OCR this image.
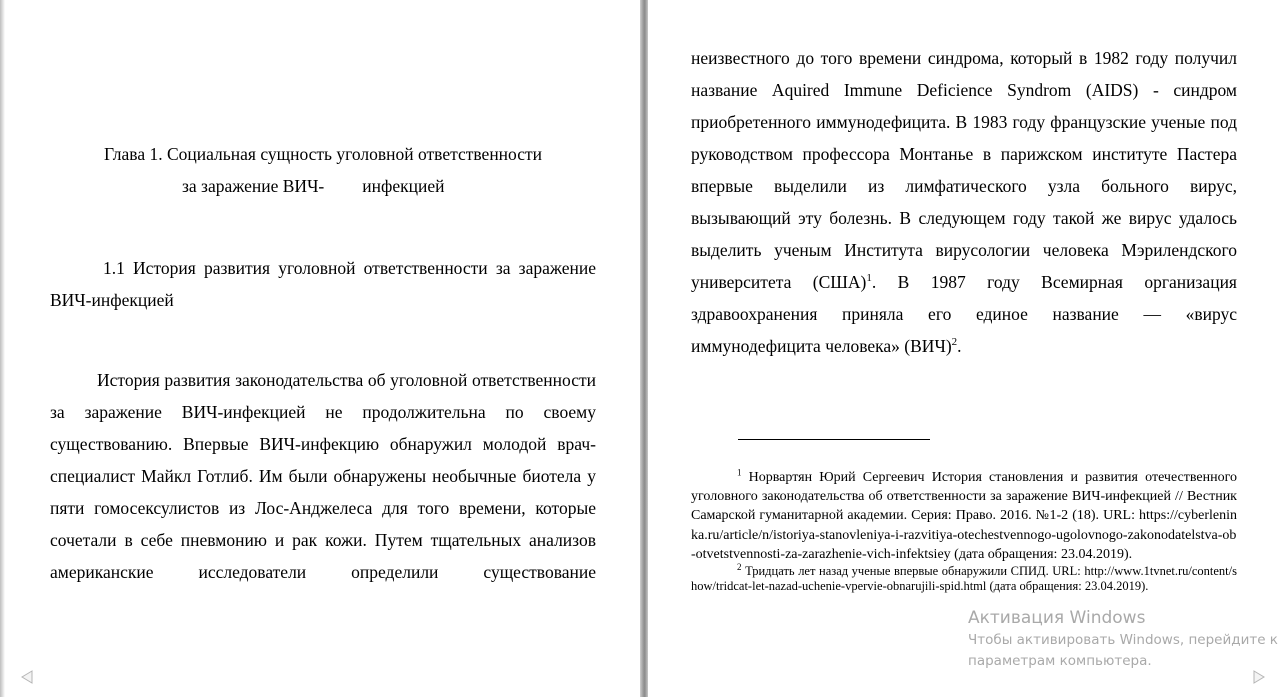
Глава 1. Социальная сущность уголовной ответственности
за заражение ВИЧ- инфекцией

1.1 История развития уголовной ответственности за заражение ВИЧ-инфекцией

История развития законодательства об уголовной ответственности за заражение ВИЧ-инфекцией не продолжительна по своему существованию. Впервые ВИЧ-инфекцию обнаружил молодой врач-специалист Майкл Готлиб. Им были обнаружены необычные биотела у пяти гомосексулистов из Лос-Анджелеса для того времени, которые сочетали в себе пневмонию и рак кожи. Путем тщательных анализов американские исследователи определили существование

неизвестного до того времени синдрома, который в 1982 году получил название Aquired Immune Deficience Syndrom (AIDS) - синдром приобретенного иммунодефицита. В 1983 году французские ученые под руководством профессора Монтанье в парижском институте Пастера впервые выделили из лимфатического узла больного вирус, вызывающий эту болезнь. В следующем году такой же вирус удалось выделить ученым Института вирусологии человека Мэрилендского университета (США)$^1$. В 1987 году Всемирная организация здравоохранения приняла его единое название — «вирус иммунодефицита человека» (ВИЧ)$^2$.

$^1$ Норвартян Юрий Сергеевич История становления и развития отечественного уголовного законодательства об ответственности за заражение ВИЧ-инфекцией // Вестник Самарской гуманитарной академии. Серия: Право. 2016. №1-2 (18). URL: https://cyberleninka.ru/article/n/istoriya-stanovleniya-i-razvitiya-otechestvennogo-ugolovnogo-zakonodatelstva-ob-otvetstvennosti-za-zarazhenie-vich-infektsiey (дата обращения: 23.04.2019).

$^2$ Тридцать лет назад ученые впервые обнаружили СПИД. URL: http://www.1tvnet.ru/content/show/tridcat-let-nazad-uchenie-vpervie-obnarujili-spid.html (дата обращения: 23.04.2019).

Активация Windows
Чтобы активировать Windows, перейдите к
параметрам компьютера.
